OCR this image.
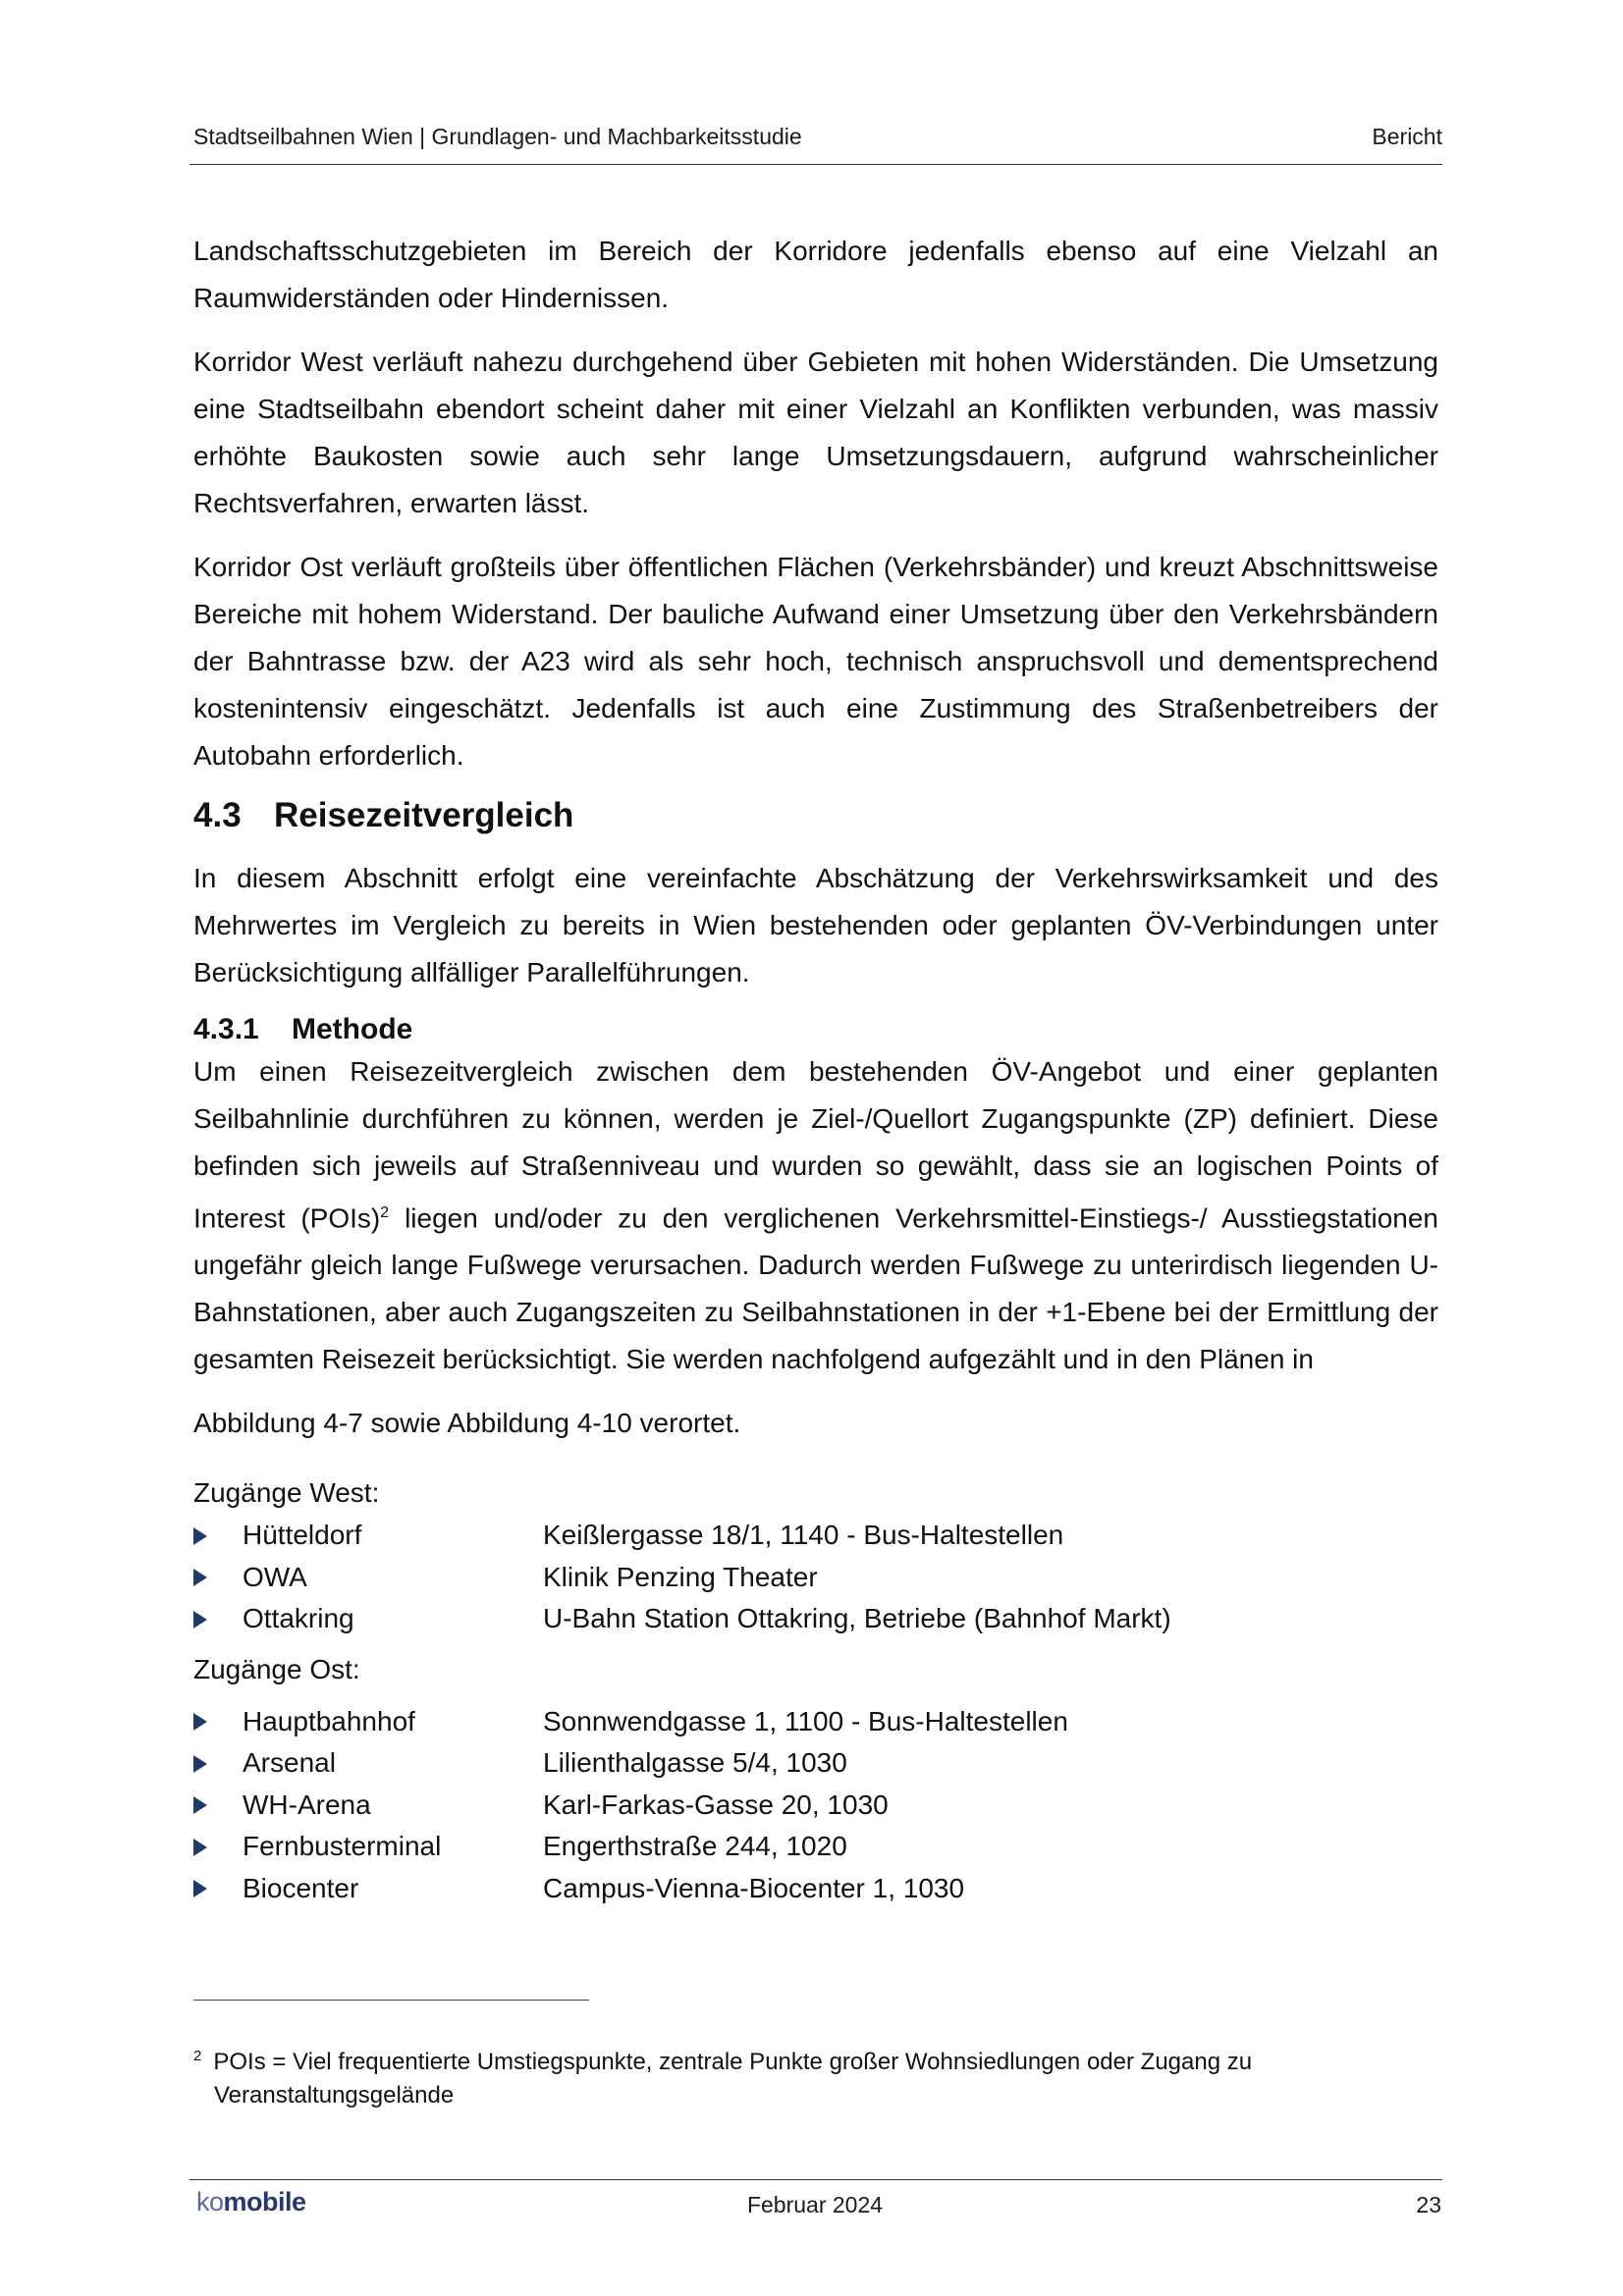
Stadtseilbahnen Wien | Grundlagen- und Machbarkeitsstudie	Bericht

Landschaftsschutzgebieten im Bereich der Korridore jedenfalls ebenso auf eine Vielzahl an Raumwiderständen oder Hindernissen.

Korridor West verläuft nahezu durchgehend über Gebieten mit hohen Widerständen. Die Umsetzung eine Stadtseilbahn ebendort scheint daher mit einer Vielzahl an Konflikten verbunden, was massiv erhöhte Baukosten sowie auch sehr lange Umsetzungsdauern, aufgrund wahrscheinlicher Rechtsverfahren, erwarten lässt.

Korridor Ost verläuft großteils über öffentlichen Flächen (Verkehrsbänder) und kreuzt Abschnittsweise Bereiche mit hohem Widerstand. Der bauliche Aufwand einer Umsetzung über den Verkehrsbändern der Bahntrasse bzw. der A23 wird als sehr hoch, technisch anspruchsvoll und dementsprechend kostenintensiv eingeschätzt. Jedenfalls ist auch eine Zustimmung des Straßenbetreibers der Autobahn erforderlich.

4.3 Reisezeitvergleich

In diesem Abschnitt erfolgt eine vereinfachte Abschätzung der Verkehrswirksamkeit und des Mehrwertes im Vergleich zu bereits in Wien bestehenden oder geplanten ÖV-Verbindungen unter Berücksichtigung allfälliger Parallelführungen.

4.3.1	Methode

Um einen Reisezeitvergleich zwischen dem bestehenden ÖV-Angebot und einer geplanten Seilbahnlinie durchführen zu können, werden je Ziel-/Quellort Zugangspunkte (ZP) definiert. Diese befinden sich jeweils auf Straßenniveau und wurden so gewählt, dass sie an logischen Points of Interest (POIs)$^2$ liegen und/oder zu den verglichenen Verkehrsmittel-Einstiegs-/ Ausstiegstationen ungefähr gleich lange Fußwege verursachen. Dadurch werden Fußwege zu unterirdisch liegenden U-Bahnstationen, aber auch Zugangszeiten zu Seilbahnstationen in der +1-Ebene bei der Ermittlung der gesamten Reisezeit berücksichtigt. Sie werden nachfolgend aufgezählt und in den Plänen in

Abbildung 4-7 sowie Abbildung 4-10 verortet.

Zugänge West:

Hütteldorf	Keißlergasse 18/1, 1140 - Bus-Haltestellen
OWA	Klinik Penzing Theater
Ottakring	U-Bahn Station Ottakring, Betriebe (Bahnhof Markt)

Zugänge Ost:

Hauptbahnhof	Sonnwendgasse 1, 1100 - Bus-Haltestellen
Arsenal	Lilienthalgasse 5/4, 1030
WH-Arena	Karl-Farkas-Gasse 20, 1030
Fernbusterminal	Engerthstraße 244, 1020
Biocenter	Campus-Vienna-Biocenter 1, 1030
$^2$ POIs = Viel frequentierte Umstiegspunkte, zentrale Punkte großer Wohnsiedlungen oder Zugang zu
Veranstaltungsgelände
komobile	Februar 2024	23
